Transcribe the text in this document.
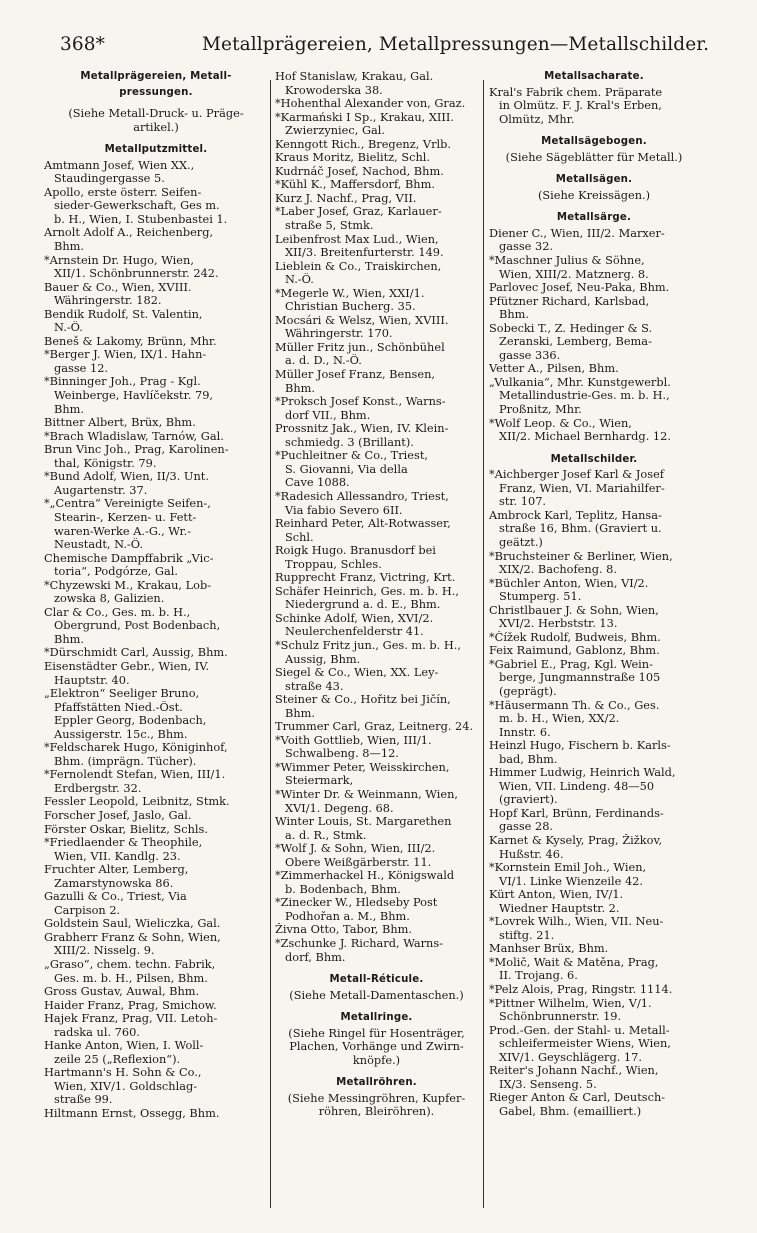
368*	Metallprägereien, Metallpressungen—Metallschilder.
Metallprägereien, Metall-
pressungen.
(Siehe Metall-Druck- u. Präge-
artikel.)
Metallputzmittel.
Amtmann Josef, Wien XX.,
Staudingergasse 5.
Apollo, erste österr. Seifen-
sieder-Gewerkschaft, Ges m.
b. H., Wien, I. Stubenbastei 1.
Arnolt Adolf A., Reichenberg,
Bhm.
*Arnstein Dr. Hugo, Wien,
XII/1. Schönbrunnerstr. 242.
Bauer & Co., Wien, XVIII.
Währingerstr. 182.
Bendik Rudolf, St. Valentin,
N.-Ö.
Beneš & Lakomy, Brünn, Mhr.
*Berger J. Wien, IX/1. Hahn-
gasse 12.
*Binninger Joh., Prag - Kgl.
Weinberge, Havlíčekstr. 79,
Bhm.
Bittner Albert, Brüx, Bhm.
*Brach Wladislaw, Tarnów, Gal.
Brun Vinc Joh., Prag, Karolinen-
thal, Königstr. 79.
*Bund Adolf, Wien, II/3. Unt.
Augartenstr. 37.
*„Centra“ Vereinigte Seifen-,
Stearin-, Kerzen- u. Fett-
waren-Werke A.-G., Wr.-
Neustadt, N.-Ö.
Chemische Dampffabrik „Vic-
toria“, Podgórze, Gal.
*Chyzewski M., Krakau, Lob-
zowska 8, Galizien.
Clar & Co., Ges. m. b. H.,
Obergrund, Post Bodenbach,
Bhm.
*Dürschmidt Carl, Aussig, Bhm.
Eisenstädter Gebr., Wien, IV.
Hauptstr. 40.
„Elektron“ Seeliger Bruno,
Pfaffstätten Nied.-Öst.
Eppler Georg, Bodenbach,
Aussigerstr. 15c., Bhm.
*Feldscharek Hugo, Königinhof,
Bhm. (imprägn. Tücher).
*Fernolendt Stefan, Wien, III/1.
Erdbergstr. 32.
Fessler Leopold, Leibnitz, Stmk.
Forscher Josef, Jaslo, Gal.
Förster Oskar, Bielitz, Schls.
*Friedlaender & Theophile,
Wien, VII. Kandlg. 23.
Fruchter Alter, Lemberg,
Zamarstynowska 86.
Gazulli & Co., Triest, Via
Carpison 2.
Goldstein Saul, Wieliczka, Gal.
Grabherr Franz & Sohn, Wien,
XIII/2. Nisselg. 9.
„Graso“, chem. techn. Fabrik,
Ges. m. b. H., Pilsen, Bhm.
Gross Gustav, Auwal, Bhm.
Haider Franz, Prag, Smichow.
Hajek Franz, Prag, VII. Letoh-
radska ul. 760.
Hanke Anton, Wien, I. Woll-
zeile 25 („Reflexion“).
Hartmann's H. Sohn & Co.,
Wien, XIV/1. Goldschlag-
straße 99.
Hiltmann Ernst, Ossegg, Bhm.
Hof Stanislaw, Krakau, Gal.
Krowoderska 38.
*Hohenthal Alexander von, Graz.
*Karmański I Sp., Krakau, XIII.
Zwierzyniec, Gal.
Kenngott Rich., Bregenz, Vrlb.
Kraus Moritz, Bielitz, Schl.
Kudrnáč Josef, Nachod, Bhm.
*Kühl K., Maffersdorf, Bhm.
Kurz J. Nachf., Prag, VII.
*Laber Josef, Graz, Karlauer-
straße 5, Stmk.
Leibenfrost Max Lud., Wien,
XII/3. Breitenfurterstr. 149.
Lieblein & Co., Traiskirchen,
N.-Ö.
*Megerle W., Wien, XXI/1.
Christian Bucherg. 35.
Mocsári & Welsz, Wien, XVIII.
Währingerstr. 170.
Müller Fritz jun., Schönbühel
a. d. D., N.-Ö.
Müller Josef Franz, Bensen,
Bhm.
*Proksch Josef Konst., Warns-
dorf VII., Bhm.
Prossnitz Jak., Wien, IV. Klein-
schmiedg. 3 (Brillant).
*Puchleitner & Co., Triest,
S. Giovanni, Via della
Cave 1088.
*Radesich Allessandro, Triest,
Via fabio Severo 6II.
Reinhard Peter, Alt-Rotwasser,
Schl.
Roigk Hugo. Branusdorf bei
Troppau, Schles.
Rupprecht Franz, Victring, Krt.
Schäfer Heinrich, Ges. m. b. H.,
Niedergrund a. d. E., Bhm.
Schinke Adolf, Wien, XVI/2.
Neulerchenfelderstr 41.
*Schulz Fritz jun., Ges. m. b. H.,
Aussig, Bhm.
Siegel & Co., Wien, XX. Ley-
straße 43.
Steiner & Co., Hořitz bei Jičín,
Bhm.
Trummer Carl, Graz, Leitnerg. 24.
*Voith Gottlieb, Wien, III/1.
Schwalbeng. 8—12.
*Wimmer Peter, Weisskirchen,
Steiermark,
*Winter Dr. & Weinmann, Wien,
XVI/1. Degeng. 68.
Winter Louis, St. Margarethen
a. d. R., Stmk.
*Wolf J. & Sohn, Wien, III/2.
Obere Weißgärberstr. 11.
*Zimmerhackel H., Königswald
b. Bodenbach, Bhm.
*Zinecker W., Hledseby Post
Podhořan a. M., Bhm.
Živna Otto, Tabor, Bhm.
*Zschunke J. Richard, Warns-
dorf, Bhm.
Metall-Réticule.
(Siehe Metall-Damentaschen.)
Metallringe.
(Siehe Ringel für Hosenträger,
Plachen, Vorhänge und Zwirn-
knöpfe.)
Metallröhren.
(Siehe Messingröhren, Kupfer-
röhren, Bleiröhren).
Metallsacharate.
Kral's Fabrik chem. Präparate
in Olmütz. F. J. Kral's Erben,
Olmütz, Mhr.
Metallsägebogen.
(Siehe Sägeblätter für Metall.)
Metallsägen.
(Siehe Kreissägen.)
Metallsärge.
Diener C., Wien, III/2. Marxer-
gasse 32.
*Maschner Julius & Söhne,
Wien, XIII/2. Matznerg. 8.
Parlovec Josef, Neu-Paka, Bhm.
Pfützner Richard, Karlsbad,
Bhm.
Sobecki T., Z. Hedinger & S.
Zeranski, Lemberg, Bema-
gasse 336.
Vetter A., Pilsen, Bhm.
„Vulkania“, Mhr. Kunstgewerbl.
Metallindustrie-Ges. m. b. H.,
Proßnitz, Mhr.
*Wolf Leop. & Co., Wien,
XII/2. Michael Bernhardg. 12.
Metallschilder.
*Aichberger Josef Karl & Josef
Franz, Wien, VI. Mariahilfer-
str. 107.
Ambrock Karl, Teplitz, Hansa-
straße 16, Bhm. (Graviert u.
geätzt.)
*Bruchsteiner & Berliner, Wien,
XIX/2. Bachofeng. 8.
*Büchler Anton, Wien, VI/2.
Stumperg. 51.
Christlbauer J. & Sohn, Wien,
XVI/2. Herbststr. 13.
*Čížek Rudolf, Budweis, Bhm.
Feix Raimund, Gablonz, Bhm.
*Gabriel E., Prag, Kgl. Wein-
berge, Jungmannstraße 105
(geprägt).
*Häusermann Th. & Co., Ges.
m. b. H., Wien, XX/2.
Innstr. 6.
Heinzl Hugo, Fischern b. Karls-
bad, Bhm.
Himmer Ludwig, Heinrich Wald,
Wien, VII. Lindeng. 48—50
(graviert).
Hopf Karl, Brünn, Ferdinands-
gasse 28.
Karnet & Kysely, Prag, Žižkov,
Hußstr. 46.
*Kornstein Emil Joh., Wien,
VI/1. Linke Wienzeile 42.
Kürt Anton, Wien, IV/1.
Wiedner Hauptstr. 2.
*Lovrek Wilh., Wien, VII. Neu-
stiftg. 21.
Manhser Brüx, Bhm.
*Molič, Wait & Matěna, Prag,
II. Trojang. 6.
*Pelz Alois, Prag, Ringstr. 1114.
*Pittner Wilhelm, Wien, V/1.
Schönbrunnerstr. 19.
Prod.-Gen. der Stahl- u. Metall-
schleifermeister Wiens, Wien,
XIV/1. Geyschlägerg. 17.
Reiter's Johann Nachf., Wien,
IX/3. Senseng. 5.
Rieger Anton & Carl, Deutsch-
Gabel, Bhm. (emailliert.)
